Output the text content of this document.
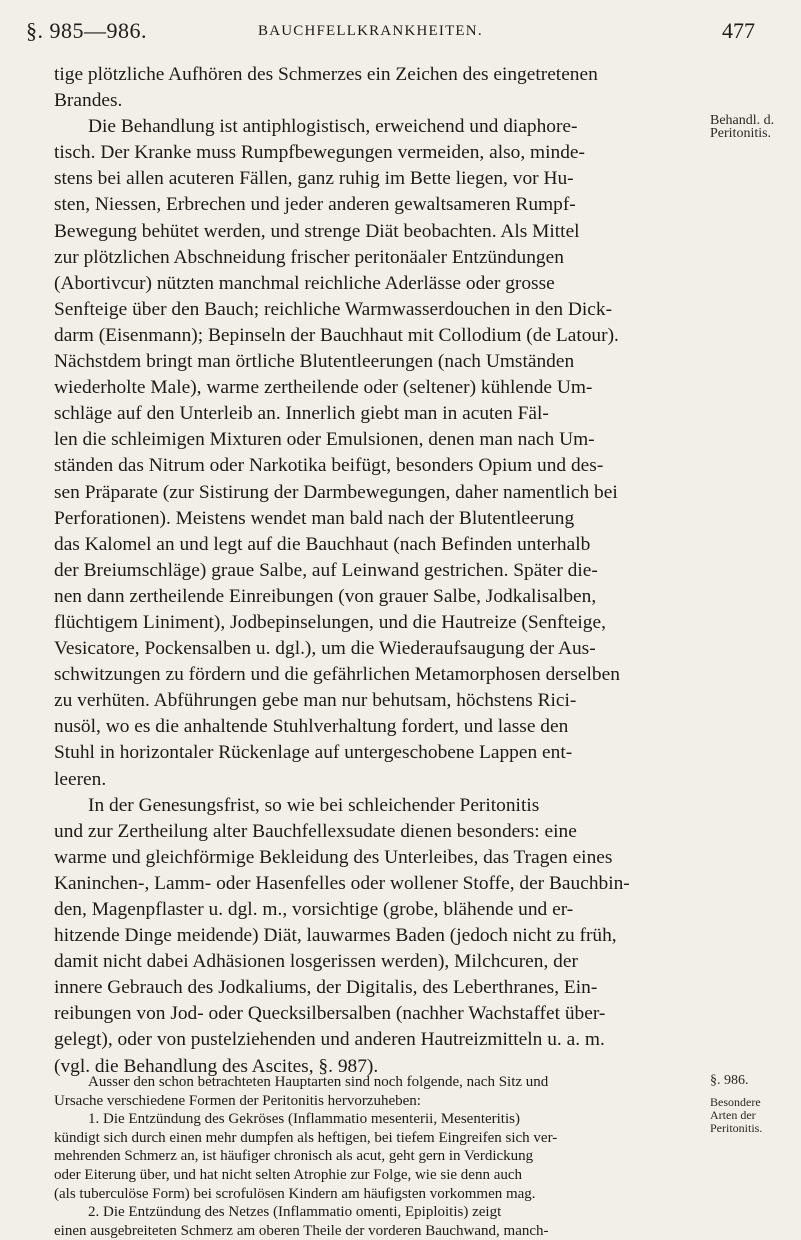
§. 985—986.	BAUCHFELLKRANKHEITEN.	477
Behandl. d.
Peritonitis.
tige plötzliche Aufhören des Schmerzes ein Zeichen des eingetretenen
Brandes.
Die Behandlung ist antiphlogistisch, erweichend und diaphore-
tisch. Der Kranke muss Rumpfbewegungen vermeiden, also, minde-
stens bei allen acuteren Fällen, ganz ruhig im Bette liegen, vor Hu-
sten, Niessen, Erbrechen und jeder anderen gewaltsameren Rumpf-
Bewegung behütet werden, und strenge Diät beobachten. Als Mittel
zur plötzlichen Abschneidung frischer peritonäaler Entzündungen
(Abortivcur) nützten manchmal reichliche Aderlässe oder grosse
Senfteige über den Bauch; reichliche Warmwasserdouchen in den Dick-
darm (Eisenmann); Bepinseln der Bauchhaut mit Collodium (de Latour).
Nächstdem bringt man örtliche Blutentleerungen (nach Umständen
wiederholte Male), warme zertheilende oder (seltener) kühlende Um-
schläge auf den Unterleib an. Innerlich giebt man in acuten Fäl-
len die schleimigen Mixturen oder Emulsionen, denen man nach Um-
ständen das Nitrum oder Narkotika beifügt, besonders Opium und des-
sen Präparate (zur Sistirung der Darmbewegungen, daher namentlich bei
Perforationen). Meistens wendet man bald nach der Blutentleerung
das Kalomel an und legt auf die Bauchhaut (nach Befinden unterhalb
der Breiumschläge) graue Salbe, auf Leinwand gestrichen. Später die-
nen dann zertheilende Einreibungen (von grauer Salbe, Jodkalisalben,
flüchtigem Liniment), Jodbepinselungen, und die Hautreize (Senfteige,
Vesicatore, Pockensalben u. dgl.), um die Wiederaufsaugung der Aus-
schwitzungen zu fördern und die gefährlichen Metamorphosen derselben
zu verhüten. Abführungen gebe man nur behutsam, höchstens Rici-
nusöl, wo es die anhaltende Stuhlverhaltung fordert, und lasse den
Stuhl in horizontaler Rückenlage auf untergeschobene Lappen ent-
leeren.
In der Genesungsfrist, so wie bei schleichender Peritonitis
und zur Zertheilung alter Bauchfellexsudate dienen besonders: eine
warme und gleichförmige Bekleidung des Unterleibes, das Tragen eines
Kaninchen-, Lamm- oder Hasenfelles oder wollener Stoffe, der Bauchbin-
den, Magenpflaster u. dgl. m., vorsichtige (grobe, blähende und er-
hitzende Dinge meidende) Diät, lauwarmes Baden (jedoch nicht zu früh,
damit nicht dabei Adhäsionen losgerissen werden), Milchcuren, der
innere Gebrauch des Jodkaliums, der Digitalis, des Leberthranes, Ein-
reibungen von Jod- oder Quecksilbersalben (nachher Wachstaffet über-
gelegt), oder von pustelziehenden und anderen Hautreizmitteln u. a. m.
(vgl. die Behandlung des Ascites, §. 987).
§. 986.
Besondere
Arten der
Peritonitis.
Ausser den schon betrachteten Hauptarten sind noch folgende, nach Sitz und
Ursache verschiedene Formen der Peritonitis hervorzuheben:
1. Die Entzündung des Gekröses (Inflammatio mesenterii, Mesenteritis)
kündigt sich durch einen mehr dumpfen als heftigen, bei tiefem Eingreifen sich ver-
mehrenden Schmerz an, ist häufiger chronisch als acut, geht gern in Verdickung
oder Eiterung über, und hat nicht selten Atrophie zur Folge, wie sie denn auch
(als tuberculöse Form) bei scrofulösen Kindern am häufigsten vorkommen mag.
2. Die Entzündung des Netzes (Inflammatio omenti, Epiploitis) zeigt
einen ausgebreiteten Schmerz am oberen Theile der vorderen Bauchwand, manch-
